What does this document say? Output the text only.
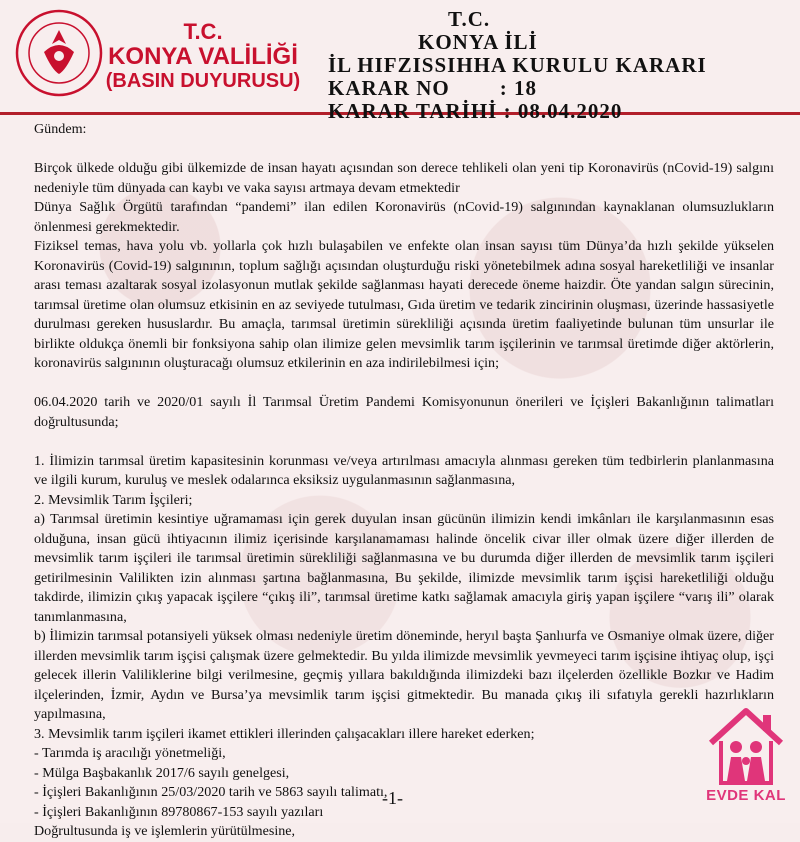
T.C.
KONYA VALİLİĞİ
(BASIN DUYURUSU)
T.C.
KONYA İLİ
İL HIFZISSIHHA KURULU KARARI
KARAR NO        : 18
KARAR TARİHİ : 08.04.2020

Gündem:

Birçok ülkede olduğu gibi ülkemizde de insan hayatı açısından son derece tehlikeli olan yeni tip Koronavirüs (nCovid-19) salgını nedeniyle tüm dünyada can kaybı ve vaka sayısı artmaya devam etmektedir

Dünya Sağlık Örgütü tarafından “pandemi” ilan edilen Koronavirüs (nCovid-19) salgınından kaynaklanan olumsuzlukların önlenmesi gerekmektedir.

Fiziksel temas, hava yolu vb. yollarla çok hızlı bulaşabilen ve enfekte olan insan sayısı tüm Dünya’da hızlı şekilde yükselen Koronavirüs (Covid-19) salgınının, toplum sağlığı açısından oluşturduğu riski yönetebilmek adına sosyal hareketliliği ve insanlar arası teması azaltarak sosyal izolasyonun mutlak şekilde sağlanması hayati derecede öneme haizdir. Öte yandan salgın sürecinin, tarımsal üretime olan olumsuz etkisinin en az seviyede tutulması, Gıda üretim ve tedarik zincirinin oluşması, üzerinde hassasiyetle durulması gereken hususlardır. Bu amaçla, tarımsal üretimin sürekliliği açısında üretim faaliyetinde bulunan tüm unsurlar ile birlikte oldukça önemli bir fonksiyona sahip olan ilimize gelen mevsimlik tarım işçilerinin ve tarımsal üretimde diğer aktörlerin, koronavirüs salgınının oluşturacağı olumsuz etkilerinin en aza indirilebilmesi için;

06.04.2020 tarih ve 2020/01 sayılı İl Tarımsal Üretim Pandemi Komisyonunun önerileri ve İçişleri Bakanlığının talimatları doğrultusunda;

1. İlimizin tarımsal üretim kapasitesinin korunması ve/veya artırılması amacıyla alınması gereken tüm tedbirlerin planlanmasına ve ilgili kurum, kuruluş ve meslek odalarınca eksiksiz uygulanmasının sağlanmasına,

2. Mevsimlik Tarım İşçileri;

a) Tarımsal üretimin kesintiye uğramaması için gerek duyulan insan gücünün ilimizin kendi imkânları ile karşılanmasının esas olduğuna, insan gücü ihtiyacının ilimiz içerisinde karşılanamaması halinde öncelik civar iller olmak üzere diğer illerden de mevsimlik tarım işçileri ile tarımsal üretimin sürekliliği sağlanmasına ve bu durumda diğer illerden de mevsimlik tarım işçileri getirilmesinin Valilikten izin alınması şartına bağlanmasına, Bu şekilde, ilimizde mevsimlik tarım işçisi hareketliliği olduğu takdirde, ilimizin çıkış yapacak işçilere “çıkış ili”, tarımsal üretime katkı sağlamak amacıyla giriş yapan işçilere “varış ili” olarak tanımlanmasına,

b) İlimizin tarımsal potansiyeli yüksek olması nedeniyle üretim döneminde, heryıl başta Şanlıurfa ve Osmaniye olmak üzere, diğer illerden mevsimlik tarım işçisi çalışmak üzere gelmektedir. Bu yılda ilimizde mevsimlik yevmeyeci tarım işçisine ihtiyaç olup, işçi gelecek illerin Valiliklerine bilgi verilmesine, geçmiş yıllara bakıldığında ilimizdeki bazı ilçelerden özellikle Bozkır ve Hadim ilçelerinden, İzmir, Aydın ve Bursa’ya mevsimlik tarım işçisi gitmektedir. Bu manada çıkış ili sıfatıyla gerekli hazırlıkların yapılmasına,

3. Mevsimlik tarım işçileri ikamet ettikleri illerinden çalışacakları illere hareket ederken;

- Tarımda iş aracılığı yönetmeliği,

- Mülga Başbakanlık 2017/6 sayılı genelgesi,

- İçişleri Bakanlığının 25/03/2020 tarih ve 5863 sayılı talimatı,

- İçişleri Bakanlığının 89780867-153 sayılı yazıları

Doğrultusunda iş ve işlemlerin yürütülmesine,

-1-	EVDE KAL
